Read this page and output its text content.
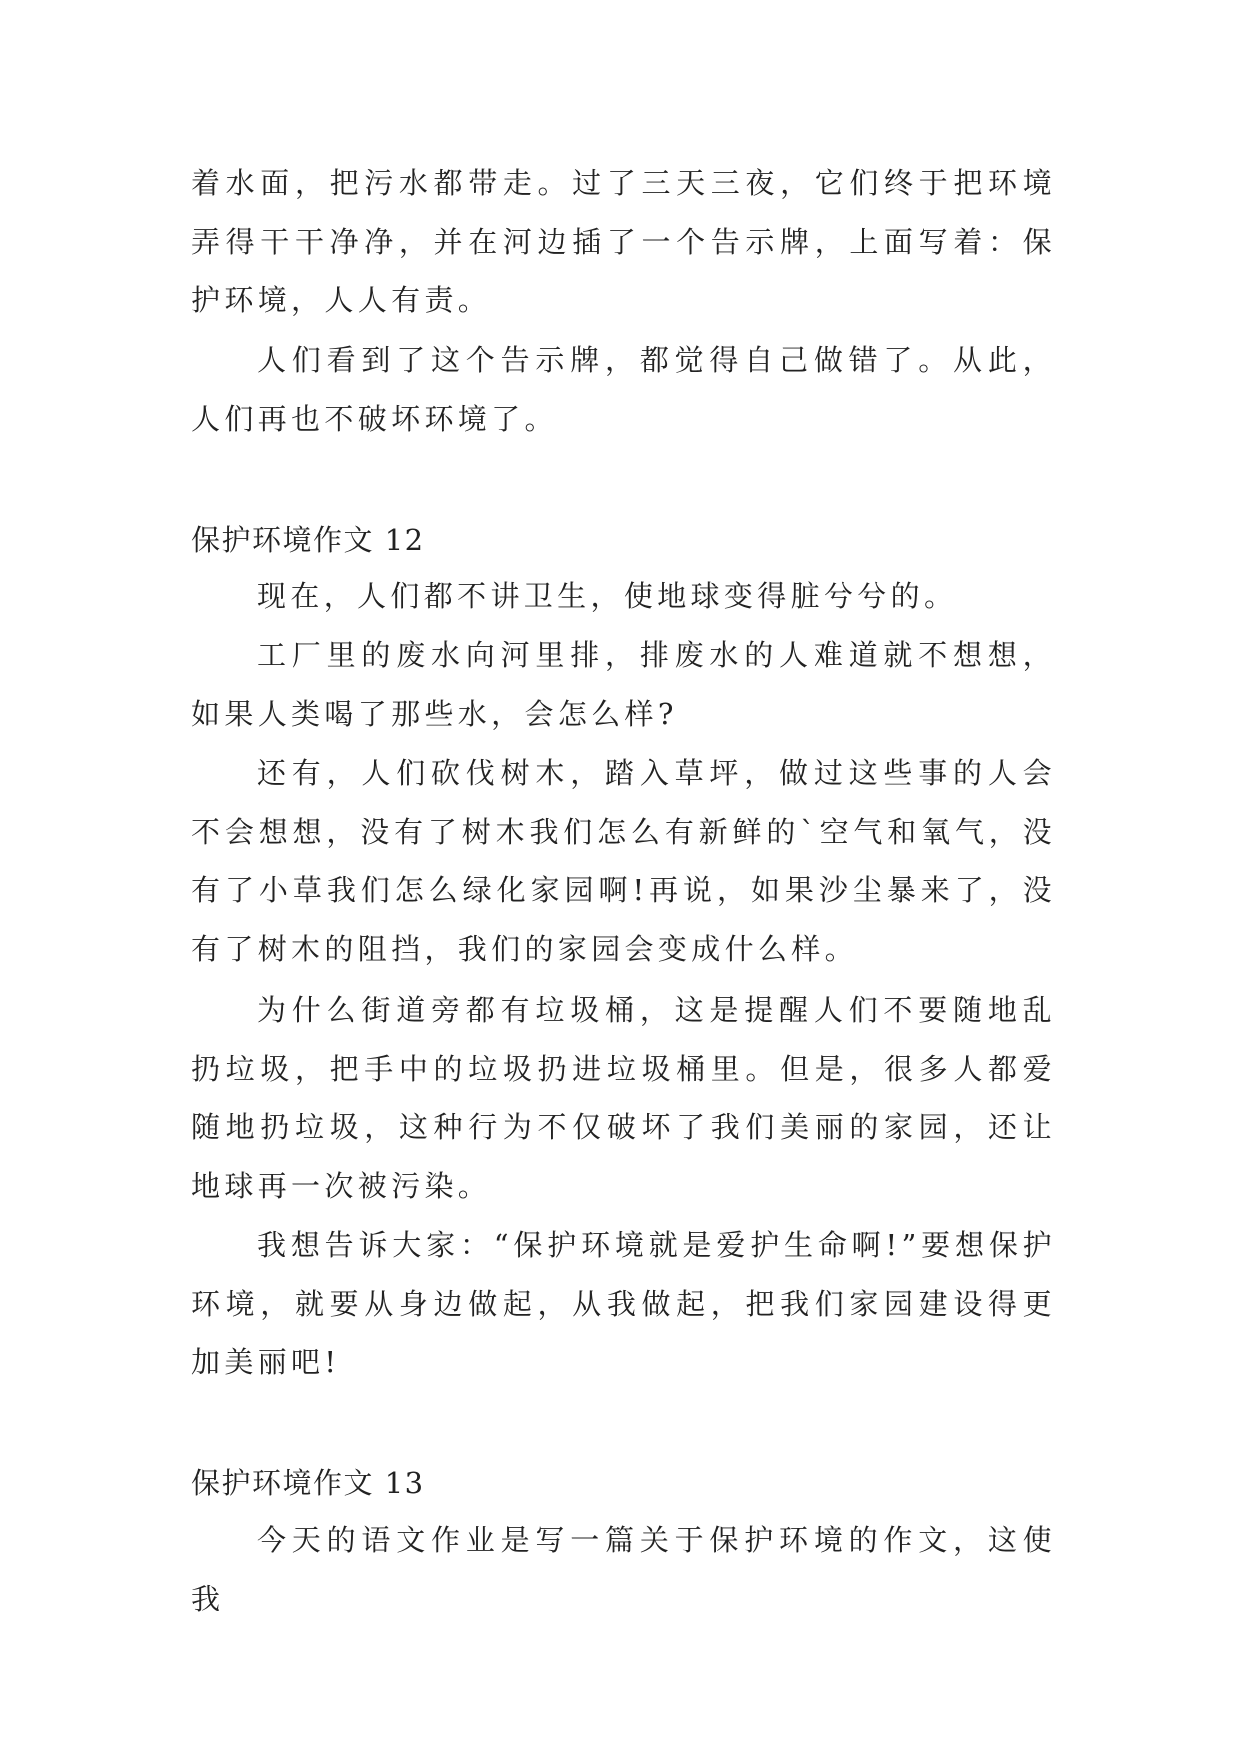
着水面，把污水都带走。过了三天三夜，它们终于把环境弄得干干净净，并在河边插了一个告示牌，上面写着：保护环境，人人有责。
人们看到了这个告示牌，都觉得自己做错了。从此，人们再也不破坏环境了。
保护环境作文 12
现在，人们都不讲卫生，使地球变得脏兮兮的。
工厂里的废水向河里排，排废水的人难道就不想想，如果人类喝了那些水，会怎么样?
还有，人们砍伐树木，踏入草坪，做过这些事的人会不会想想，没有了树木我们怎么有新鲜的`空气和氧气，没有了小草我们怎么绿化家园啊!再说，如果沙尘暴来了，没有了树木的阻挡，我们的家园会变成什么样。
为什么街道旁都有垃圾桶，这是提醒人们不要随地乱扔垃圾，把手中的垃圾扔进垃圾桶里。但是，很多人都爱随地扔垃圾，这种行为不仅破坏了我们美丽的家园，还让地球再一次被污染。
我想告诉大家：“保护环境就是爱护生命啊!”要想保护环境，就要从身边做起，从我做起，把我们家园建设得更加美丽吧!
保护环境作文 13
今天的语文作业是写一篇关于保护环境的作文，这使我
